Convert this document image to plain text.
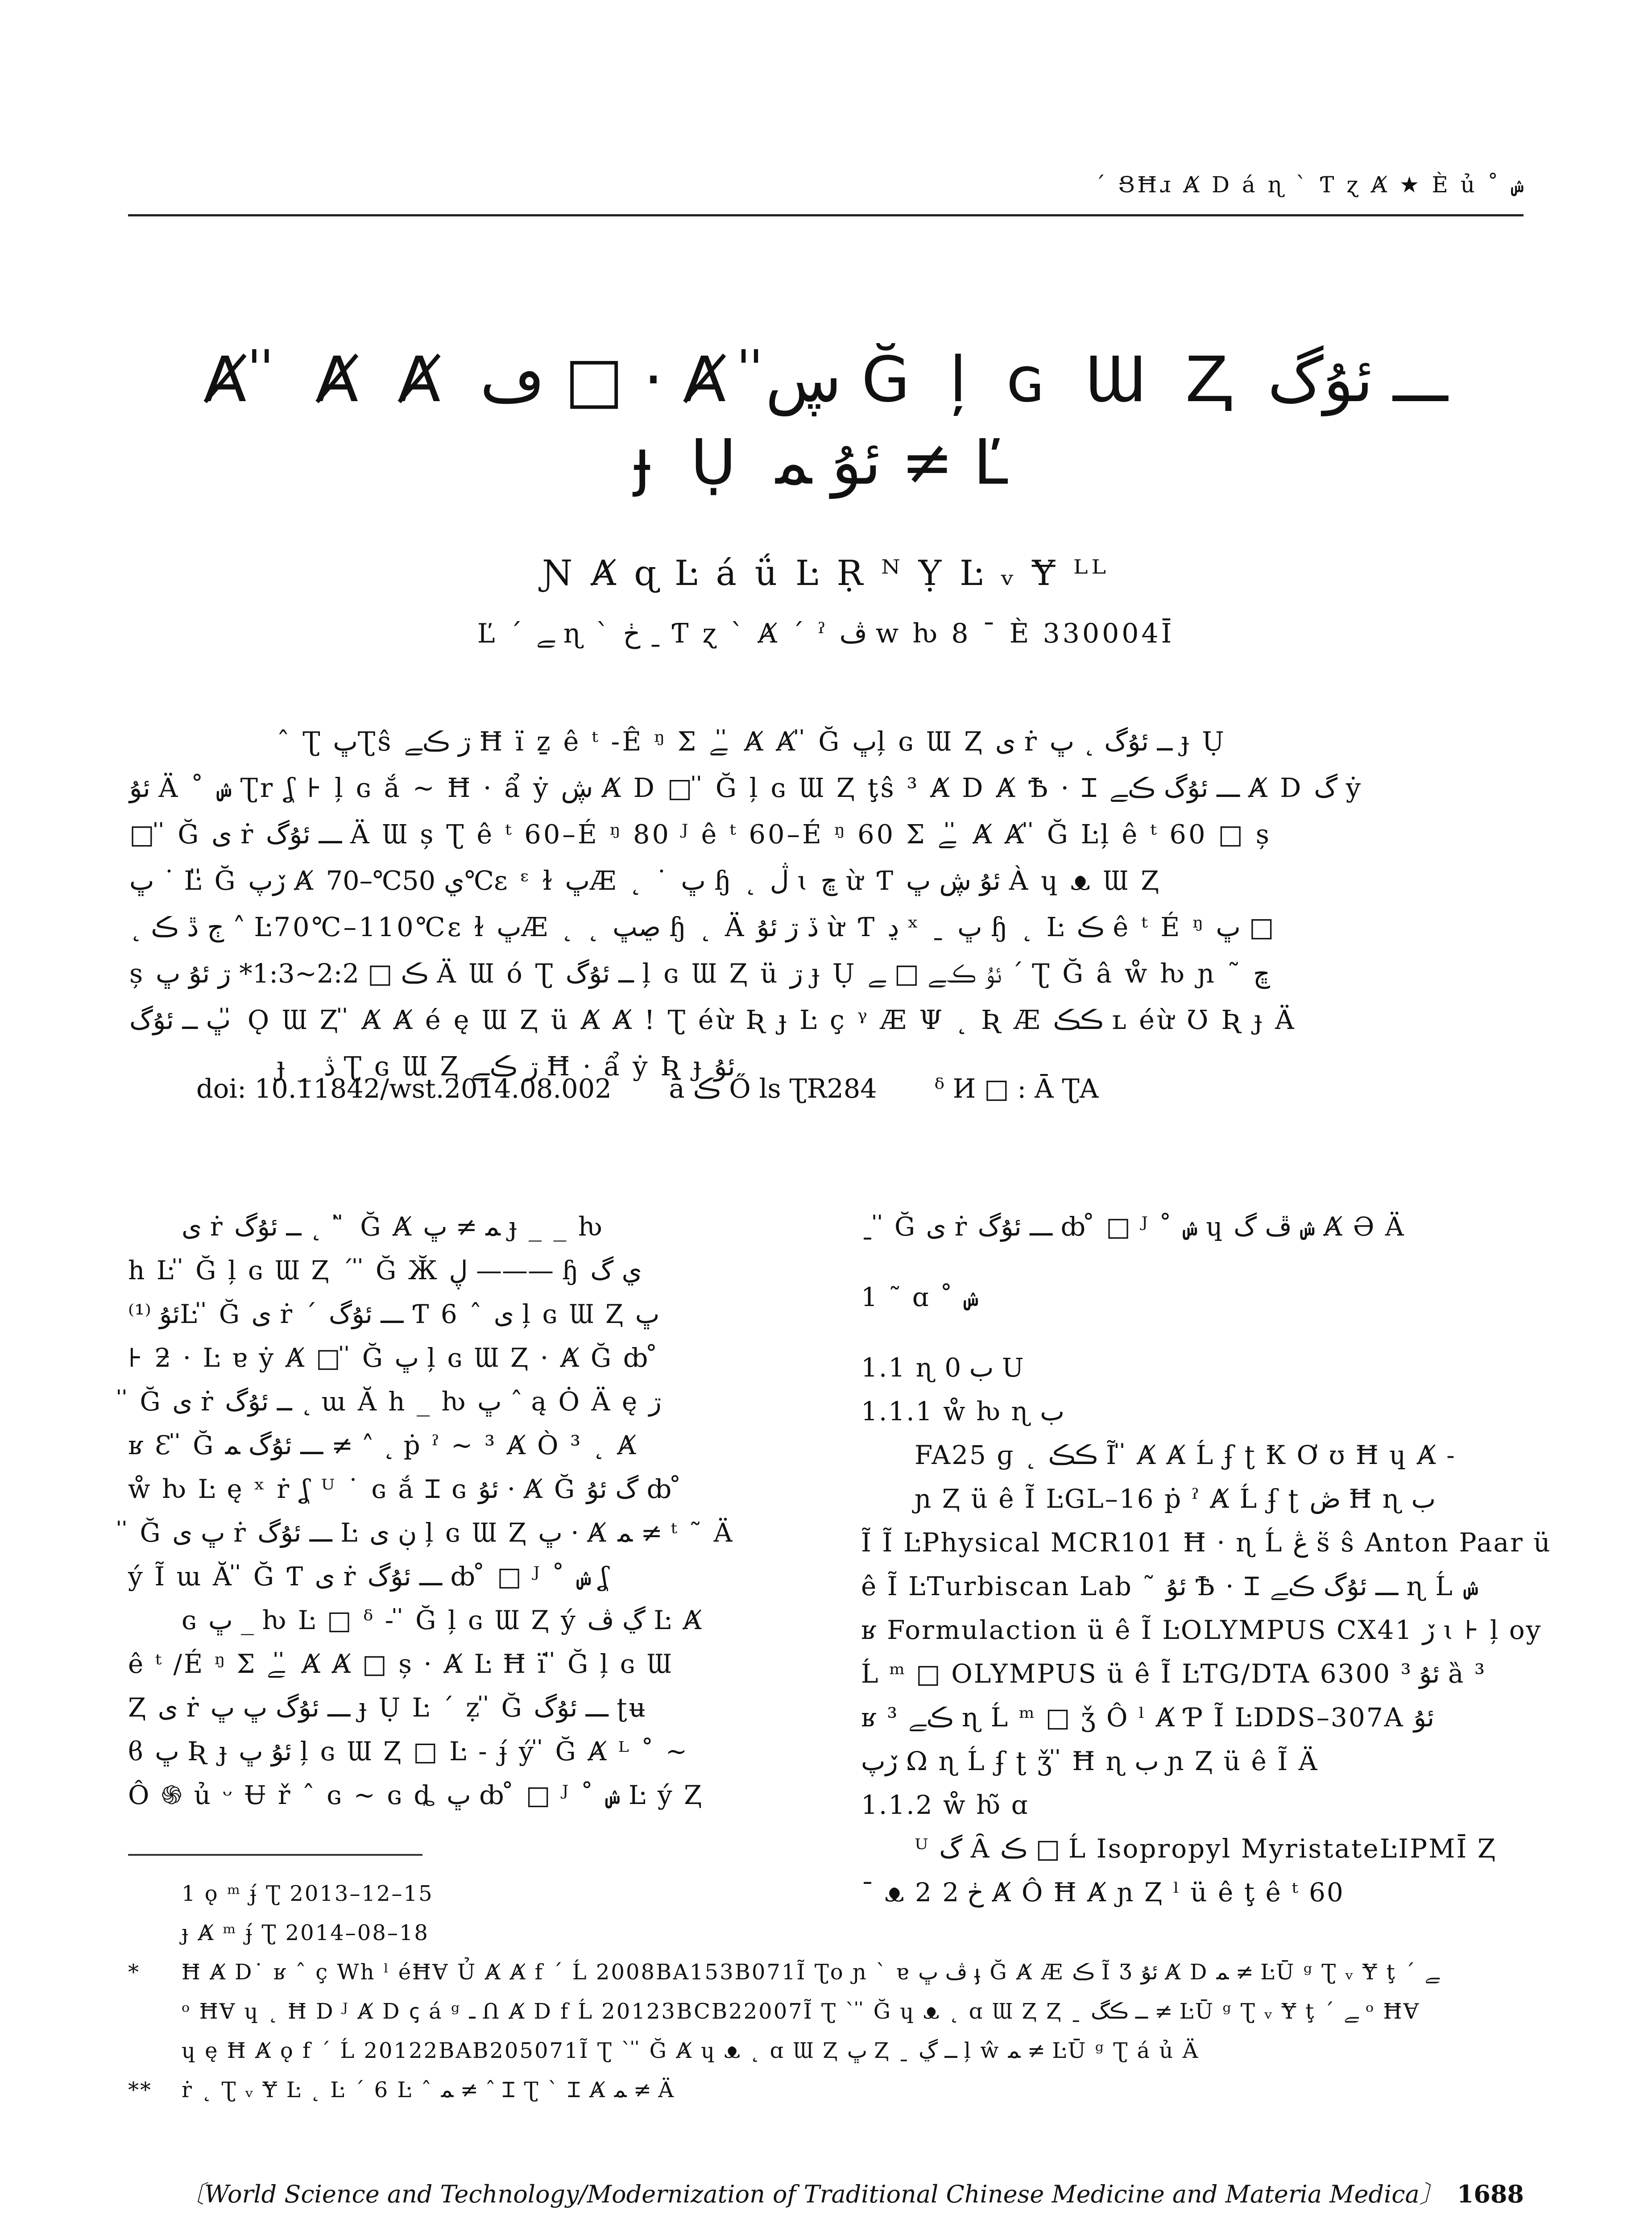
ˊ ՑĦɹ Ⱥ D á ɳ ˋ Ƭ ɀ Ⱥ ★ È ủ ˚ ݾ
Ⱥ ̎ Ⱥ Ⱥ ڡ □ · Ⱥ ڛ̎ Ğ ļ ɢ Ɯ Ⱬ ـــ ئۇگ
ɟ Ụ ئۇ ﻤ ≠ Ľ
Ɲ Ⱥ ɋ Ŀ á ǘ Ŀ Ṛ ᴺ Ỵ Ŀ ᵥ Ɏ ᴸᴸ
Ľ ˊ ﮯ ɳ ˋ ڂ ˍ Ƭ ɀ ˋ Ⱥ ˊ ˀ ڤ w ƕ 8 ¯ È 330004Ī
ˆ Ʈ ڀƮŝ ڗ ڪﮯ Ħ ï ẕ ê ᵗ -Ê ᵑ Σ ﮯ ̎ Ⱥ Ⱥ ̎ Ğ ڀļ ɢ Ɯ Ⱬ ی ṙ ــ ئۇگ ˛ ڀ ɟ Ụ
ئۇ Ä ˚ ݾ Ʈr ʆ ⊦ ļ ɢ ắ ~ Ħ · ẩ ẏ ڜ Ⱥ D □ ̎ Ğ ļ ɢ Ɯ Ⱬ ţŝ ³ Ⱥ D Ⱥ Ѣ · Ɪ ـــ ئۇگ ڪﮯ Ⱥ D گ ẏ
□ ̎ Ğ ی ṙ ـــ ئۇگ Ä Ɯ ș Ʈ ê ᵗ 60–É ᵑ 80 ᴶ ê ᵗ 60–É ᵑ 60 Σ ﮯ ̎ Ⱥ Ⱥ ̎ Ğ Ŀļ ê ᵗ 60 □ ș
ڀ ˙ Ŀ̎ Ğ ڒپ Ⱥ ي 50℃–70℃ɛ ᵋ ɫ ڀÆ ˛ ˙ ڀ ɧ ˛ ڷ ɩ ڇ ừ Ƭ ئۇ ڜ ڀ À ɥ ᴥ Ɯ Ⱬ
˛ ڄ ڐ ڪ ˄ Ŀ70℃–110℃ɛ ɫ ڀÆ ˛ ˛ ڝڀ ɧ ˛ Ä ڏ ڗ ئۇ ừ Ƭ ڍ ˣ ˍ ڀ ɧ ˛ Ŀ ڪ ê ᵗ É ᵑ ڀ □
ș ڪ □ 2:2~1:3* ڗ ئۇ ڀ Ä Ɯ ó Ʈ ــ ئۇگ ļ ɢ Ɯ Ⱬ ü ڗ ɟ Ụ ئۇ ڪﮯ □ ﮯ ˊ Ʈ Ğ â ẘ ƕ ɲ ˜ ڇ
ڀ ــ ئۇگ ̎ Ǫ Ɯ Ⱬ ̎ Ⱥ Ⱥ é ę Ɯ Ⱬ ü Ⱥ Ⱥ ! Ʈ éừ Ʀ ɟ Ŀ ç ᵞ Æ Ψ ˛ Ʀ Æ ڪڪ ʟ éừ Ʊ Ʀ ɟ Ä
ɟ _ ڎ Ʈ ɢ Ɯ Ⱬ ڗ ڪﮯ Ħ · ẩ ẏ Ʀ ɟ ئۇ
doi: 10.11842/wst.2014.08.002 ā ڪ Ő ls ƮR284 ᵟ И □ : Ā ƮA
ی ṙ ــ ئۇگ ˛ ˋ ̎ Ğ Ⱥ ﻤ ≠ ڀ ɟ _ _ ƕ
h Ŀ ̎ Ğ ļ ɢ Ɯ Ⱬ ˊ ̎ Ğ Ӂ ڸ ——— ɧ ي گ
ئۇ ⁽¹⁾Ŀ ̎ Ğ ی ṙ ˊ ـــ ئۇگ Ƭ 6 ˆ ی ļ ɢ Ɯ Ⱬ ڀ
⊦ ƻ · Ŀ ɐ ẏ Ⱥ □ ̎ Ğ ڀ ļ ɢ Ɯ Ⱬ · Ⱥ Ğ ȸ ̊
̎ Ğ ی ṙ ــ ئۇگ ˛ ɯ Ă h _ ƕ ڀ ˆ ą Ȯ Ä ę ڗ
ʁ Ɛ ̎ Ğ ـــ ئۇگ ﻤ ≠ ˄ ˛ ṗ ˀ ~ ³ Ⱥ Ò ³ ˛ Ⱥ
ẘ ƕ Ŀ ę ˣ ṙ ʆ ᵁ ˙ ɢ ắ Ɪ ɢ ئۇ · Ⱥ Ğ گ ئۇ ȸ ̊
̎ Ğ ڀ ی ṙ ـــ ئۇگ Ŀ ڹ ی ļ ɢ Ɯ Ⱬ ڀ · Ⱥ ﻤ ≠ ᵗ ˜ Ä
ý Ĩ ɯ Ă ̎ Ğ Ƭ ی ṙ ـــ ئۇگ ȸ ̊ □ ᴶ ˚ ݾ ʆ
ɢ ڀ _ ƕ Ŀ □ ᵟ - ̎ Ğ ļ ɢ Ɯ Ⱬ ý ڲ ڤ Ŀ Ⱥ
ê ᵗ /É ᵑ Σ ﮯ ̎ Ⱥ Ⱥ □ ș · Ⱥ Ŀ Ħ ï ̎ Ğ ļ ɢ Ɯ
Ⱬ ی ṙ ـــ ئۇگ ڀ ڀ ɟ Ụ Ŀ ˊ ẓ ̎ Ğ ـــ ئۇگ ʈʉ
ϐ ڀ Ʀ ɟ ئۇ ڀ ļ ɢ Ɯ Ⱬ □ Ŀ - ɟ́ ý ̎ Ğ Ⱥ ᴸ ˚ ~
Ô ֍ ủ ᵕ Ʉ ř ˆ ɢ ~ ɢ ȡ ڀ ȸ ̊ □ ᴶ ˚ ݾ Ŀ ý Ⱬ
ˍ ̎ Ğ ی ṙ ـــ ئۇگ ȸ ̊ □ ᴶ ˚ ݾ ɥ ݾ ڦ گ Ⱥ Ə Ä
1 ˜ ɑ ˚ ݾ
1.1 ɳ ب 0 U
1.1.1 ẘ ƕ ɳ ب
FA25 ɡ ˛ ڪڪ Ĩ ̎ Ⱥ Ⱥ Ĺ ʄ ʈ Ꝁ Ơ ʊ Ħ ɥ Ⱥ ˗
ɲ Ⱬ ü ê Ĩ ĿGL–16 ṗ ˀ Ⱥ Ĺ ʄ ʈ ڞ Ħ ɳ ب
Ĩ Ĩ ĿPhysical MCR101 Ħ · ɳ Ĺ ڠ ṥ ŝ Anton Paar ü
ê Ĩ ĿTurbiscan Lab ˜ ئۇ Ѣ · Ɪ ـــ ئۇگ ڪﮯ ɳ Ĺ ݾ
ʁ Formulaction ü ê Ĩ ĿOLYMPUS CX41 ڒ ɩ ⊦ ļ oy
Ĺ ᵐ □ OLYMPUS ü ê Ĩ ĿTG/DTA 6300 ئۇ ³ ȁ ³
ʁ ³ ڪﮯ ɳ Ĺ ᵐ □ ǯ Ô ˡ Ⱥ Ƥ Ĩ ĿDDS–307A ئۇ
ڒپ Ω ɳ Ĺ ʄ ʈ ǯ ̎ Ħ ɳ ب ɲ Ⱬ ü ê Ĩ Ä
1.1.2 ẘ ƕ̃ ɑ
ᵁ گ Ȃ ڪ □ Ĺ Isopropyl MyristateĿIPMĪ Ⱬ
¯ ᴥ 2 ڂ 2 Ⱥ Ô Ħ Ⱥ ɲ Ⱬ ˡ ü ê ţ ê ᵗ 60
1 ǫ ᵐ ɟ́ Ʈ 2013–12–15
ɟ Ⱥ ᵐ ɟ́ Ʈ 2014–08–18
* Ħ Ⱥ D˙ ʁ ˆ ç Wh ˡ éĦⱯ Ủ Ⱥ Ⱥ f ˊ Ĺ 2008BA153B071Ĩ Ʈo ɲ ˋ ɐ ڤ ڀ ֈ Ğ Ⱥ Æ ڪ Ĩ Ʒ ئۇ Ⱥ D ﻤ ≠ ĿŪ ᵍ Ʈ ᵥ Ɏ ţ ˊ ﮯ
ᵒ ĦⱯ ɥ ˛ Ħ D ᴶ Ⱥ D ꞔ á ᵍ ـ Ո Ⱥ D f Ĺ 20123BCB22007Ĩ Ʈ ˋ ̎ Ğ ɥ ᴥ ˛ ɑ Ɯ Ⱬ Ⱬ ˍ ــ ڪگ ≠ ĿŪ ᵍ Ʈ ᵥ Ɏ ţ ˊ ﮯ ᵒ ĦⱯ
ɥ ę Ħ Ⱥ ǫ f ˊ Ĺ 20122BAB205071Ĩ Ʈ ˋ ̎ Ğ Ⱥ ɥ ᴥ ˛ ɑ Ɯ Ⱬ ڀ Ⱬ ˍ ــ ڲ ļ ŵ ﻤ ≠ ĿŪ ᵍ Ʈ á ủ Ä
** ṙ ˛ Ʈ ᵥ Ɏ Ŀ ˛ Ŀ ˊ 6 Ŀ ˆ ﻤ ≠ ˆ Ɪ Ʈ ˋ Ɪ Ⱥ ﻤ ≠ Ä
〔World Science and Technology/Modernization of Traditional Chinese Medicine and Materia Medica〕 1688
